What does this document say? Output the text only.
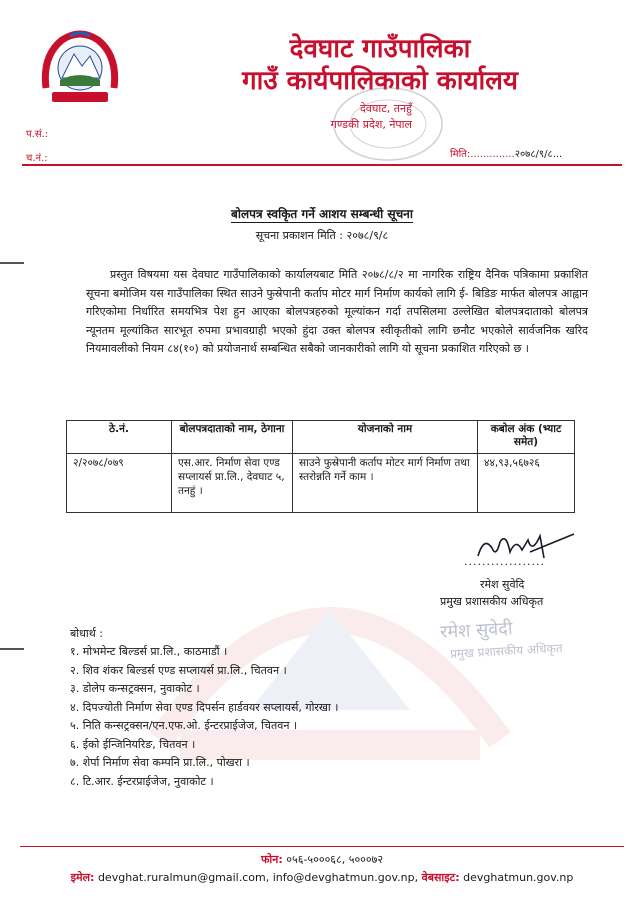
देवघाट गाउँपालिका
गाउँ कार्यपालिकाको कार्यालय
देवघाट, तनहुँ
गण्डकी प्रदेश, नेपाल
प.सं.:
च.नं.:	मिति:..............२०७८/९/८...
बोलपत्र स्वकृित गर्ने आशय सम्बन्धी सूचना
सूचना प्रकाशन मिति : २०७८/९/८
प्रस्तुत विषयमा यस देवघाट गाउँपालिकाको कार्यालयबाट मिति २०७८/८/२ मा नागरिक राष्ट्रिय दैनिक पत्रिकामा प्रकाशित सूचना बमोजिम यस गाउँपालिका स्थित साउने फुस्रेपानी कर्ताप मोटर मार्ग निर्माण कार्यको लागि ई- बिडिङ मार्फत बोलपत्र आह्वान गरिएकोमा निर्धारित समयभित्र पेश हुन आएका बोलपत्रहरुको मूल्यांकन गर्दा तपसिलमा उल्लेखित बोलपत्रदाताको बोलपत्र न्यूनतम मूल्यांकित सारभूत रुपमा प्रभावग्राही भएको हुंदा उक्त बोलपत्र स्वीकृतीको लागि छनौट भएकोले सार्वजनिक खरिद नियमावलीको नियम ८४(१०) को प्रयोजनार्थ सम्बन्धित सबैको जानकारीको लागि यो सूचना प्रकाशित गरिएको छ ।
ठे.नं.	बोलपत्रदाताको नाम, ठेगाना	योजनाको नाम	कबोल अंक (भ्याट समेत)
२/२०७८/०७९	एस.आर. निर्माण सेवा एण्ड सप्लायर्स प्रा.लि., देवघाट ५, तनहुं ।	साउने फुस्रेपानी कर्ताप मोटर मार्ग निर्माण तथा स्तरोन्नति गर्ने काम ।	४४,९३,५६७२६
..................
रमेश सुवेदि
प्रमुख प्रशासकीय अधिकृत
रमेश सुवेदी
प्रमुख प्रशासकीय अधिकृत
बोधार्थ :
१. मोभमेन्ट बिल्डर्स प्रा.लि., काठमाडौं ।
२. शिव शंकर बिल्डर्स एण्ड सप्लायर्स प्रा.लि., चितवन ।
३. डोलेप कन्सट्रक्सन, नुवाकोट ।
४. दिपज्योती निर्माण सेवा एण्ड दिपर्सन हार्डवयर सप्लायर्स, गोरखा ।
५. निति कन्सट्रक्सन/एन.एफ.ओ. ईन्टरप्राईजेज, चितवन ।
६. ईको ईन्जिनियरिङ, चितवन ।
७. शेर्पा निर्माण सेवा कम्पनि प्रा.लि., पोखरा ।
८. टि.आर. ईन्टरप्राईजेज, नुवाकोट ।
फोन: ०५६-५०००६८, ५०००७२
इमेल: devghat.ruralmun@gmail.com, info@devghatmun.gov.np, वेबसाइट: devghatmun.gov.np
